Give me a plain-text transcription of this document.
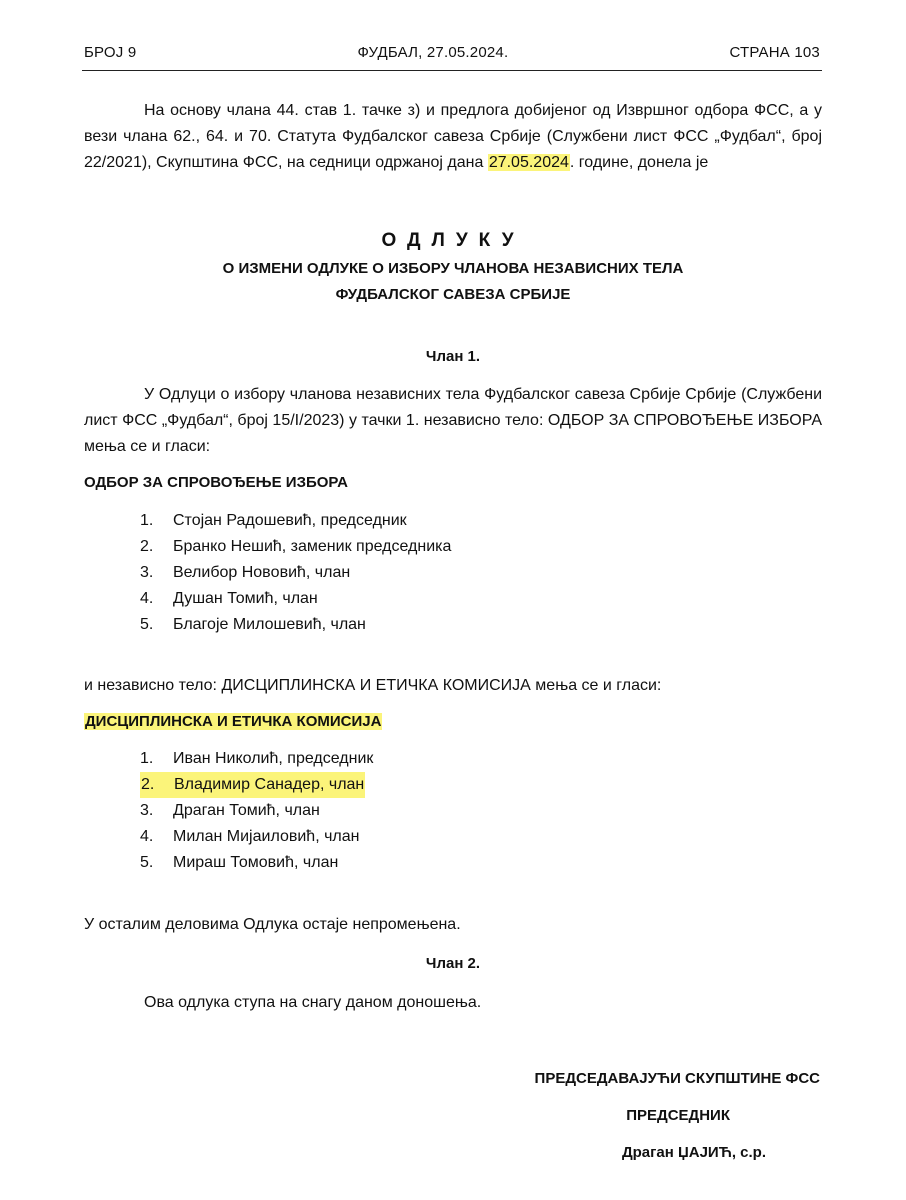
БРОЈ 9	ФУДБАЛ, 27.05.2024.	СТРАНА 103

На основу члана 44. став 1. тачке з) и предлога добијеног од Извршног одбора ФСС, а у вези члана 62., 64. и 70. Статута Фудбалског савеза Србије (Службени лист ФСС „Фудбал“, број 22/2021), Скупштина ФСС, на седници одржаној дана 27.05.2024. године, донела је

ОДЛУКУ
О ИЗМЕНИ ОДЛУКЕ О ИЗБОРУ ЧЛАНОВА НЕЗАВИСНИХ ТЕЛА
ФУДБАЛСКОГ САВЕЗА СРБИЈЕ
Члан 1.

У Одлуци о избору чланова независних тела Фудбалског савеза Србије Србије (Службени лист ФСС „Фудбал“, број 15/I/2023) у тачки 1. независно тело: ОДБОР ЗА СПРОВОЂЕЊЕ ИЗБОРА мења се и гласи:

ОДБОР ЗА СПРОВОЂЕЊЕ ИЗБОРА
1.	Стојан Радошевић, председник
2.	Бранко Нешић, заменик председника
3.	Велибор Новoвић, члан
4.	Душан Томић, члан
5.	Благоје Милошевић, члан

и независно тело: ДИСЦИПЛИНСКА И ЕТИЧКА КОМИСИЈА мења се и гласи:

ДИСЦИПЛИНСКА И ЕТИЧКА КОМИСИЈА
1.	Иван Николић, председник
2.	Владимир Санадер, члан
3.	Драган Томић, члан
4.	Милан Мијаиловић, члан
5.	Мираш Томовић, члан

У осталим деловима Одлука остаје непромењена.

Члан 2.

Ова одлука ступа на снагу даном доношења.

ПРЕДСЕДАВАЈУЋИ СКУПШТИНЕ ФСС
ПРЕДСЕДНИК
Драган ЏАЈИЋ, с.р.
